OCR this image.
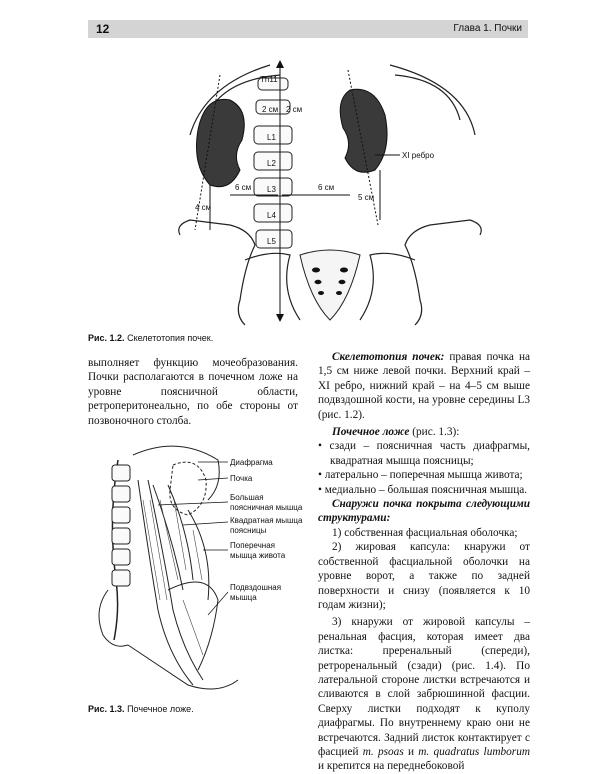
12	Глава 1. Почки
Th11
2 см 2 см
L1
L2
L3
L4
L5
6 см	6 см
4 см
5 см
XI ребро
Рис. 1.2. Скелетотопия почек.

выполняет функцию мочеобразования. Почки располагаются в почечном ложе на уровне поясничной области, ретроперитонеально, по обе стороны от позвоночного столба.

Диафрагма
Почка
Большая
поясничная мышца
Квадратная мышца
поясницы
Поперечная
мышца живота
Подвздошная
мышца
Рис. 1.3. Почечное ложе.

Скелетотопия почек: правая почка на 1,5 см ниже левой почки. Верхний край – XI ребро, нижний край – на 4–5 см выше подвздошной кости, на уровне середины L3 (рис. 1.2).

Почечное ложе (рис. 1.3):

• сзади – поясничная часть диафрагмы, квадратная мышца поясницы;

• латерально – поперечная мышца живота;

• медиально – большая поясничная мышца.

Снаружи почка покрыта следующими структурами:

1) собственная фасциальная оболочка;

2) жировая капсула: кнаружи от собственной фасциальной оболочки на уровне ворот, а также по задней поверхности и снизу (появляется к 10 годам жизни);

3) кнаружи от жировой капсулы – ренальная фасция, которая имеет два листка: преренальный (спереди), ретроренальный (сзади) (рис. 1.4). По латеральной стороне листки встречаются и сливаются в слой забрюшинной фасции. Сверху листки подходят к куполу диафрагмы. По внутреннему краю они не встречаются. Задний листок контактирует с фасцией m. psoas и m. quadratus lumborum и крепится на переднебоковой
